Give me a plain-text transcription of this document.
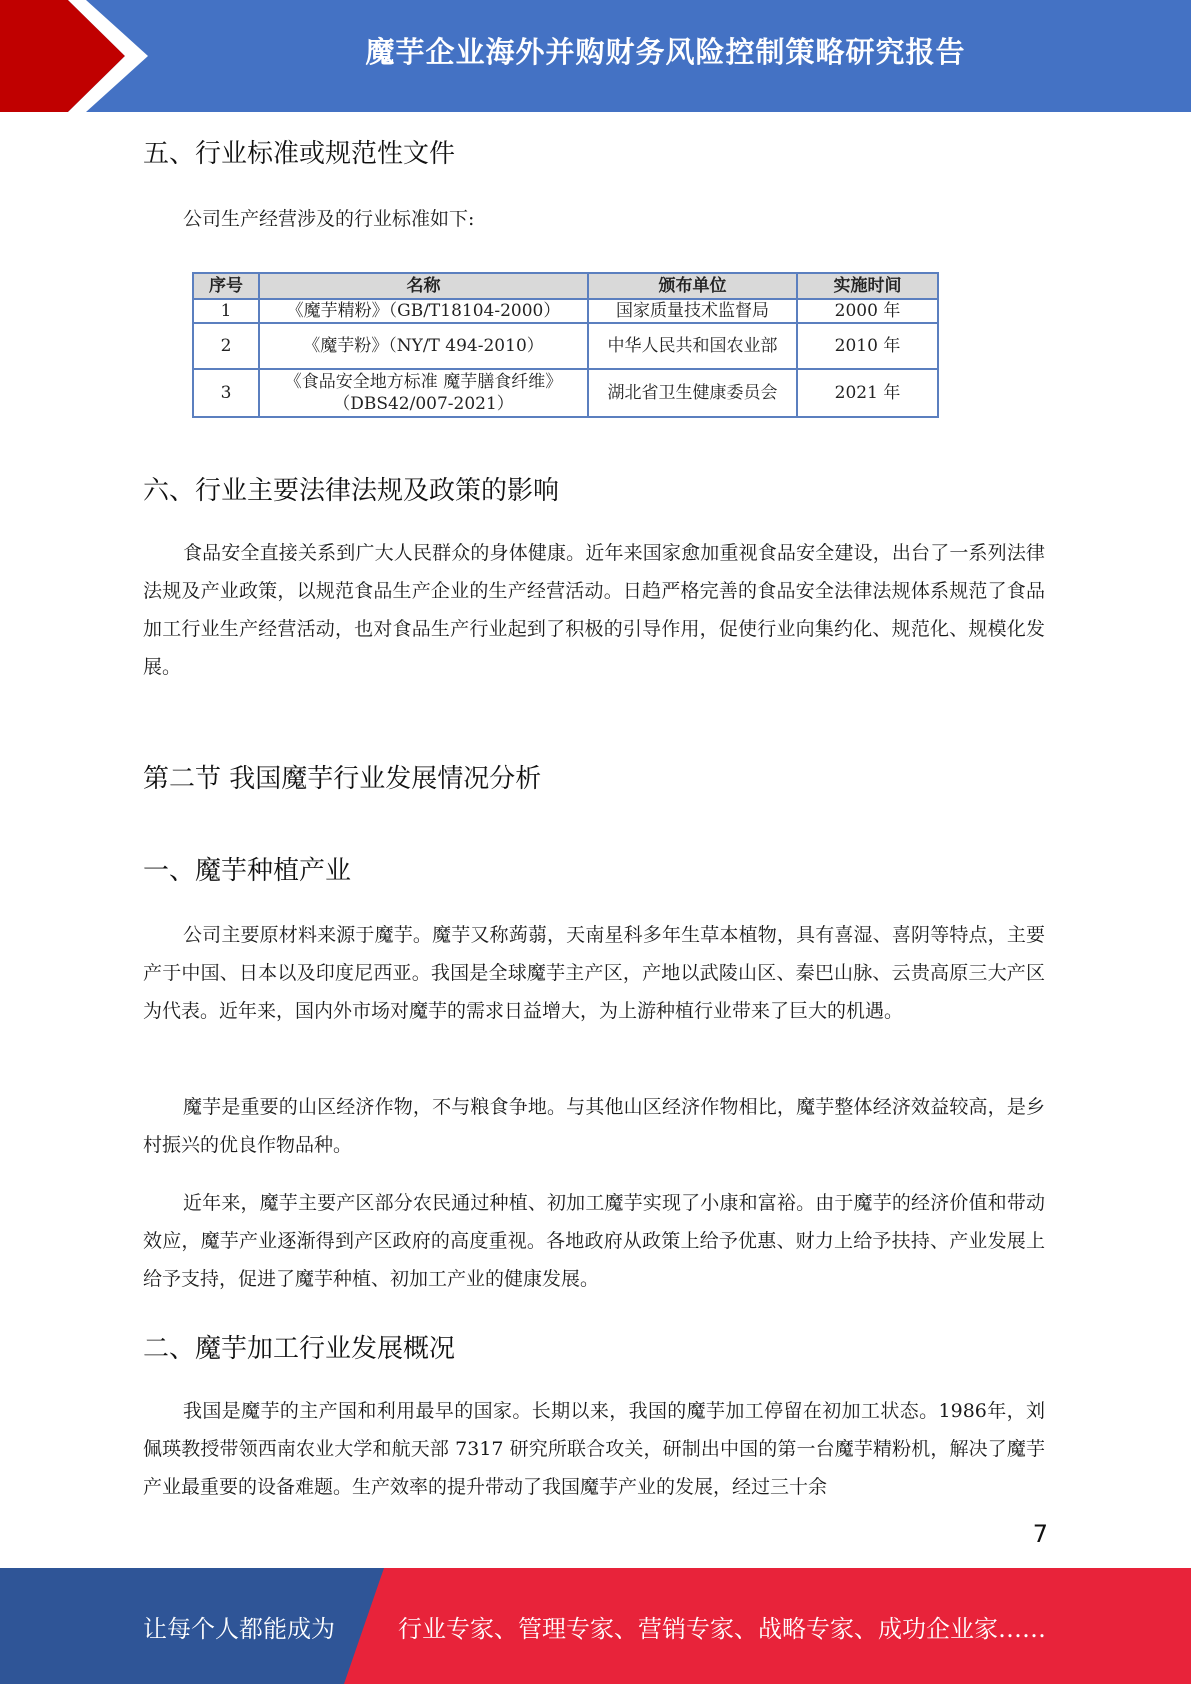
魔芋企业海外并购财务风险控制策略研究报告
五、行业标准或规范性文件

公司生产经营涉及的行业标准如下:

序号	名称	颁布单位	实施时间
1	《魔芋精粉》（GB/T18104-2000）	国家质量技术监督局	2000 年
2	《魔芋粉》（NY/T 494-2010）	中华人民共和国农业部	2010 年
3	《食品安全地方标准 魔芋膳食纤维》（DBS42/007-2021）	湖北省卫生健康委员会	2021 年
六、行业主要法律法规及政策的影响

食品安全直接关系到广大人民群众的身体健康。近年来国家愈加重视食品安全建设，出台了一系列法律法规及产业政策，以规范食品生产企业的生产经营活动。日趋严格完善的食品安全法律法规体系规范了食品加工行业生产经营活动，也对食品生产行业起到了积极的引导作用，促使行业向集约化、规范化、规模化发展。

第二节 我国魔芋行业发展情况分析
一、魔芋种植产业

公司主要原材料来源于魔芋。魔芋又称蒟蒻，天南星科多年生草本植物，具有喜湿、喜阴等特点，主要产于中国、日本以及印度尼西亚。我国是全球魔芋主产区，产地以武陵山区、秦巴山脉、云贵高原三大产区为代表。近年来，国内外市场对魔芋的需求日益增大，为上游种植行业带来了巨大的机遇。

魔芋是重要的山区经济作物，不与粮食争地。与其他山区经济作物相比，魔芋整体经济效益较高，是乡村振兴的优良作物品种。

近年来，魔芋主要产区部分农民通过种植、初加工魔芋实现了小康和富裕。由于魔芋的经济价值和带动效应，魔芋产业逐渐得到产区政府的高度重视。各地政府从政策上给予优惠、财力上给予扶持、产业发展上给予支持，促进了魔芋种植、初加工产业的健康发展。

二、魔芋加工行业发展概况

我国是魔芋的主产国和利用最早的国家。长期以来，我国的魔芋加工停留在初加工状态。1986年，刘佩瑛教授带领西南农业大学和航天部 7317 研究所联合攻关，研制出中国的第一台魔芋精粉机，解决了魔芋产业最重要的设备难题。生产效率的提升带动了我国魔芋产业的发展，经过三十余

7
让每个人都能成为	行业专家、管理专家、营销专家、战略专家、成功企业家……
